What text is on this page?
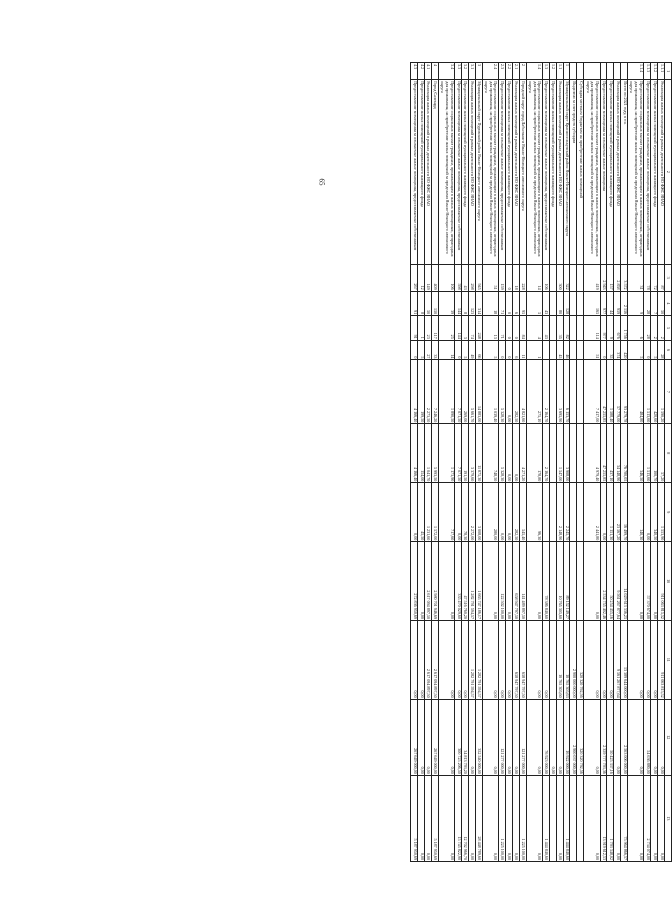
65
1	2	3	4	5	6	7	8	9	10	11	12	13
1.1.1	Реализация жилых помещений в рамках деятельности НО ФЖС ЯНАО	87	50	2	28	1 590,20	57,20	1 553,90	911 063 815,52	911 063 815,52	0,00	0,00
1.1.2	Предоставление жилых помещений муниципального жилищного фонда	72	7	2	5	420,60	100,70	340,50	0,00	0,00	0,00	0,00
1.1.3	Предоставление возмещения за изымаемые жилые помещения, предоставляемые собственникам	78	28	28	0	1 513,60	1 513,60	0,00	57 370 674,00	0,00	54 636 880,00	2 734 074,00
1.1.4	Предоставление социальных выплат гражданам, проживающим в жилых помещениях, непригодных для проживания, на приобретение жилых помещений за пределами Ямало-Ненецкого автономного округа	31	9	6	5	484,80	346,50	140,30	0,00	0,00	0,00	0,00
	Всего по 2021 году, в т.ч.	3 572	2 156	1 756	420	93 279,78	76 780,05	16 499,70	14 029 613 336,25	13 389 644 000,00	2 563 006 000,00	75 964 866,57
	Реализация жилых помещений в рамках деятельности НО ФЖС ЯНАО	2 858	959	676	374	57 779,00	34 148,90	23 567,20	9 561 267 877,64	9 561 267 877,64	0,00	0,00
	Предоставление жилых помещений муниципального жилищного фонда	157	44	9	35	1 588,40	437,10	1 151,30	50 254 455,16	0,00	50 425 337,16	1 793 348,02
	Предоставление возмещения за изымаемые жилые помещения	2 943	977	977	0	47 255,85	47 255,85	0,00	2 534 755 402,46	0,00	2 359 777 793,36	13 919 612,53
	Предоставление социальных выплат гражданам, проживающим в жилых помещениях, непригодных для проживания, на приобретение жилых помещений за пределами Ямало-Ненецкого автономного округа	419	165	114	51	7 417,00	4 979,40	2 441,80	0,00	0,00	0,00	0,00
	Субсидия местным бюджетам на приобретение жилых помещений									320 320 792,56	320 320 792,56	
	Выделено за счет средств субсидии									2 900 000 000,00	2 900 037 000,00	
1	Муниципальный округ Красноселькупский район Ямало-Ненецкого автономного округа	322	128	82	46	6 153,70	3 908,00	2 245,70	89 152 149,27	10 765 305,63	16 922 000,00	1 444 840,60
1.1	Реализация жилых помещений в рамках деятельности НО ФЖС ЯНАО	300	80	35	45	3 695,90	1 547,00	2 148,90	10 765 305,60	10 765 305,60	0,00	0,00
1.2	Предоставление жилых помещений муниципального жилищного фонда										0,00	
1.3	Предоставление возмещения за изымаемые жилые помещения, предоставляемые собственникам	106	43	43		2 164,70	2 164,70		78 386 840,60	0,00	76 923 000,00	1 444 840,60
1.4	Предоставление социальных выплат гражданам, проживающим в жилых помещениях, непригодных для проживания, на приобретение жилых помещений за пределами Ямало-Ненецкого автономного округа	14	5	4	1	275,10	178,80	96,30	0,00	0,00	0,00	0,00
2	Городской округ город Лабытнанги Ямало-Ненецкого автономного округа	228	95	84	11	4 821,60	4 271,20	545,40	141 489 897,50	658 947 797,50	121 277 000,00	1 225 100,00
2.1	Реализация жилых помещений в рамках деятельности НО ФЖС ЯНАО	18	6	0	6	282,50	0,00	282,50	658 947 797,50	658 947 797,50	0,00	0,00
2.2	Предоставление жилых помещений муниципального жилищного фонда	0	0	0	0	0,00	0,00	0,00	0,00	0,00	0,00	0,00
2.3	Предоставление возмещения за изымаемые жилые помещения, предоставляемые собственникам	159	71	71	0	5 328,30	5 328,30	0,00	122 502 100,00	0,00	121 277 000,00	1 225 100,00
2.4	Предоставление социальных выплат гражданам, проживающим в жилых помещениях, непригодных для проживания, на приобретение жилых помещений за пределами Ямало-Ненецкого автономного округа	51	18	13	5	1 039,40	748,50	280,00	0,00	0,00	0,00	0,00
3	Муниципальный округ Пуровский район Ямало-Ненецкого автономного округа	945	314	248	66	14 883,00	11 875,30	3 008,00	1 665 747 186,17	1 282 791 594,57	352 540 000,00	28 448 789,60
3.1	Реализация жилых помещений в рамках деятельности НО ФЖС ЯНАО	298	123	74	49	5 661,70	3 379,60	2 272,00	1 282 791 594,57	1 282 791 594,57	0,00	0,00
3.2	Предоставление жилых помещений муниципального жилищного фонда	43	8	3	5	269,00	191,50	78,30	47 516 760,20	0,00	34 813 793,20	12 702 966,70
3.3	Предоставление возмещения за изымаемые жилые помещения, предоставляемые собственникам	598	144	144	0	7 071,50	7 071,50	0,00	335 470 029,60	0,00	300 725 206,50	15 745 822,90
3.4	Предоставление социальных выплат гражданам, проживающим в жилых помещениях, непригодных для проживания, на приобретение жилых помещений за пределами Ямало-Ненецкого автономного округа	106	39	25	14	1 890,50	1 173,90	717,60	0,00	0,00	0,00	0,00
4	Город Салехард	409	150	117	33	7 246,20	5 993,50	1 572,00	2 980 701 946,69	2 617 094 897,50	267 649 000,00	5 187 950,69
4.1	Реализация жилых помещений в рамках деятельности НО ФЖС ЯНАО	149	50	23	27	2 273,50	1 041,70	1 231,60	2 617 094 897,50	2 617 094 897,50	0,00	0,00
4.2	Предоставление жилых помещений муниципального жилищного фонда	12	8	1	5	199,50	154,00	45,50	0,00	0,00	0,00	0,00
4.3	Предоставление возмещения за изымаемые жилые помещения, предоставляемые собственникам	267	91	91	0	4 166,40	4 166,40	0,00	272 836 950,69	0,00	267 649 000,00	5 187 950,69
